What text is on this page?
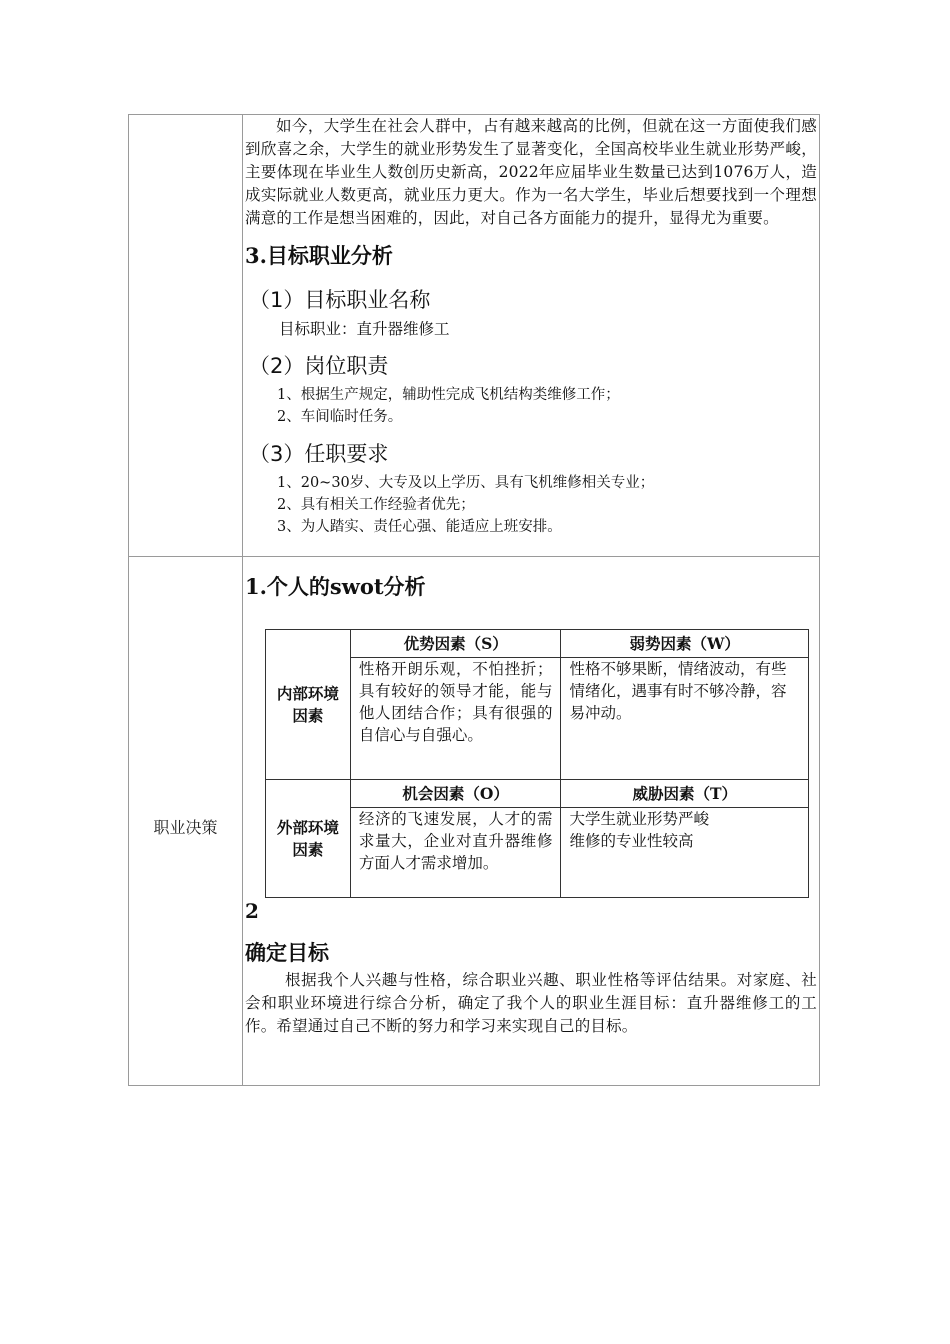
如今，大学生在社会人群中，占有越来越高的比例，但就在这一方面使我们感到欣喜之余，大学生的就业形势发生了显著变化，全国高校毕业生就业形势严峻，主要体现在毕业生人数创历史新高，2022年应届毕业生数量已达到1076万人，造成实际就业人数更高，就业压力更大。作为一名大学生，毕业后想要找到一个理想满意的工作是想当困难的，因此，对自己各方面能力的提升，显得尤为重要。

3.目标职业分析

（1）目标职业名称

目标职业：直升器维修工

（2）岗位职责

1、根据生产规定，辅助性完成飞机结构类维修工作；

2、车间临时任务。

（3）任职要求

1、20~30岁、大专及以上学历、具有飞机维修相关专业；

2、具有相关工作经验者优先；

3、为人踏实、责任心强、能适应上班安排。

职业决策

1.个人的swot分析

内部环境因素	优势因素（S）	弱势因素（W）
	性格开朗乐观，不怕挫折；具有较好的领导才能，能与他人团结合作；具有很强的自信心与自强心。	性格不够果断，情绪波动，有些情绪化，遇事有时不够冷静，容易冲动。
外部环境因素	机会因素（O）	威胁因素（T）
	经济的飞速发展，人才的需求量大，企业对直升器维修方面人才需求增加。	大学生就业形势严峻
维修的专业性较高

2

确定目标

根据我个人兴趣与性格，综合职业兴趣、职业性格等评估结果。对家庭、社会和职业环境进行综合分析，确定了我个人的职业生涯目标：直升器维修工的工作。希望通过自己不断的努力和学习来实现自己的目标。
